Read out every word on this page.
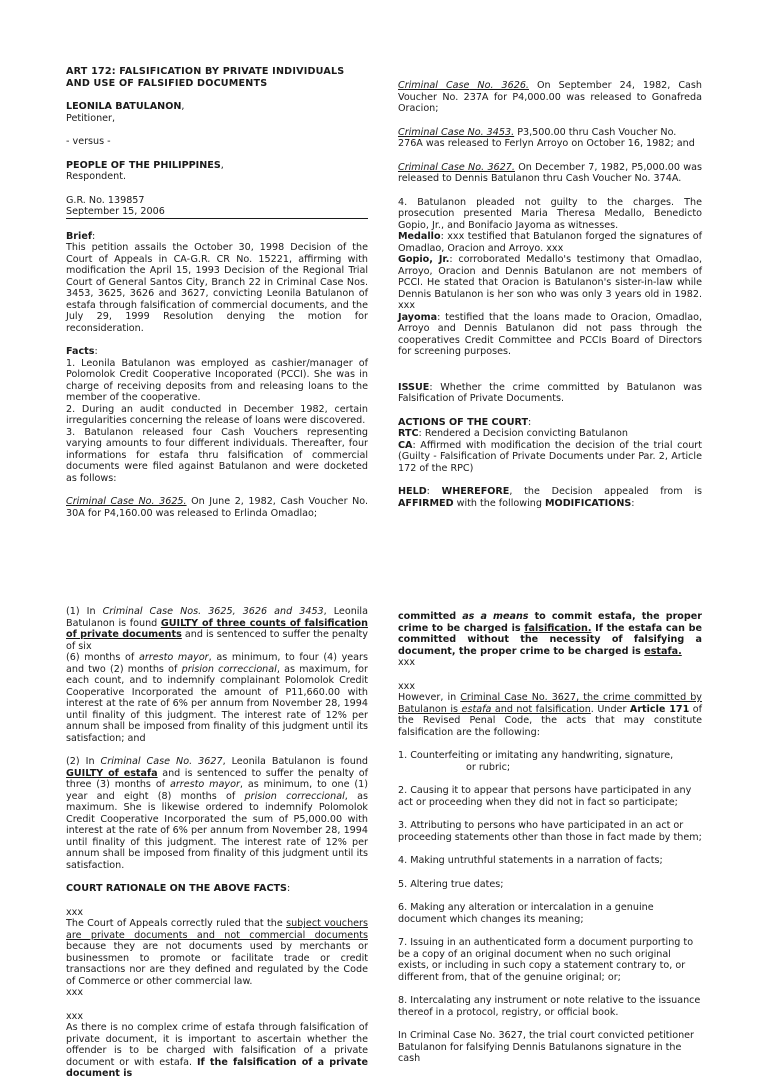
ART 172: FALSIFICATION BY PRIVATE INDIVIDUALS AND USE OF FALSIFIED DOCUMENTS

LEONILA BATULANON,

Petitioner,

- versus -

PEOPLE OF THE PHILIPPINES,

Respondent.

G.R. No. 139857

September 15, 2006

Brief:

This petition assails the October 30, 1998 Decision of the Court of Appeals in CA-G.R. CR No. 15221, affirming with modification the April 15, 1993 Decision of the Regional Trial Court of General Santos City, Branch 22 in Criminal Case Nos. 3453, 3625, 3626 and 3627, convicting Leonila Batulanon of estafa through falsification of commercial documents, and the July 29, 1999 Resolution denying the motion for reconsideration.

Facts:

1. Leonila Batulanon was employed as cashier/manager of Polomolok Credit Cooperative Incoporated (PCCI). She was in charge of receiving deposits from and releasing loans to the member of the cooperative.

2. During an audit conducted in December 1982, certain irregularities concerning the release of loans were discovered.

3. Batulanon released four Cash Vouchers representing varying amounts to four different individuals. Thereafter, four informations for estafa thru falsification of commercial documents were filed against Batulanon and were docketed as follows:

Criminal Case No. 3625. On June 2, 1982, Cash Voucher No. 30A for P4,160.00 was released to Erlinda Omadlao;

Criminal Case No. 3626. On September 24, 1982, Cash Voucher No. 237A for P4,000.00 was released to Gonafreda Oracion;

Criminal Case No. 3453. P3,500.00 thru Cash Voucher No.

276A was released to Ferlyn Arroyo on October 16, 1982; and

Criminal Case No. 3627. On December 7, 1982, P5,000.00 was released to Dennis Batulanon thru Cash Voucher No. 374A.

4. Batulanon pleaded not guilty to the charges. The prosecution presented Maria Theresa Medallo, Benedicto Gopio, Jr., and Bonifacio Jayoma as witnesses.

Medallo: xxx testified that Batulanon forged the signatures of Omadlao, Oracion and Arroyo. xxx

Gopio, Jr.: corroborated Medallo's testimony that Omadlao, Arroyo, Oracion and Dennis Batulanon are not members of PCCI. He stated that Oracion is Batulanon's sister-in-law while Dennis Batulanon is her son who was only 3 years old in 1982. xxx

Jayoma: testified that the loans made to Oracion, Omadlao, Arroyo and Dennis Batulanon did not pass through the cooperatives Credit Committee and PCCIs Board of Directors for screening purposes.

ISSUE: Whether the crime committed by Batulanon was Falsification of Private Documents.

ACTIONS OF THE COURT:

RTC: Rendered a Decision convicting Batulanon

CA: Affirmed with modification the decision of the trial court (Guilty - Falsification of Private Documents under Par. 2, Article 172 of the RPC)

HELD: WHEREFORE, the Decision appealed from is AFFIRMED with the following MODIFICATIONS:

(1) In Criminal Case Nos. 3625, 3626 and 3453, Leonila Batulanon is found GUILTY of three counts of falsification of private documents and is sentenced to suffer the penalty of six

(6) months of arresto mayor, as minimum, to four (4) years and two (2) months of prision correccional, as maximum, for each count, and to indemnify complainant Polomolok Credit Cooperative Incorporated the amount of P11,660.00 with interest at the rate of 6% per annum from November 28, 1994 until finality of this judgment. The interest rate of 12% per annum shall be imposed from finality of this judgment until its satisfaction; and

(2) In Criminal Case No. 3627, Leonila Batulanon is found GUILTY of estafa and is sentenced to suffer the penalty of three (3) months of arresto mayor, as minimum, to one (1) year and eight (8) months of prision correccional, as maximum. She is likewise ordered to indemnify Polomolok Credit Cooperative Incorporated the sum of P5,000.00 with interest at the rate of 6% per annum from November 28, 1994 until finality of this judgment. The interest rate of 12% per annum shall be imposed from finality of this judgment until its satisfaction.

COURT RATIONALE ON THE ABOVE FACTS:

xxx

The Court of Appeals correctly ruled that the subject vouchers are private documents and not commercial documents because they are not documents used by merchants or businessmen to promote or facilitate trade or credit transactions nor are they defined and regulated by the Code of Commerce or other commercial law.

xxx

xxx

As there is no complex crime of estafa through falsification of private document, it is important to ascertain whether the offender is to be charged with falsification of a private document or with estafa. If the falsification of a private document is

committed as a means to commit estafa, the proper crime to be charged is falsification. If the estafa can be committed without the necessity of falsifying a document, the proper crime to be charged is estafa.

xxx

xxx

However, in Criminal Case No. 3627, the crime committed by Batulanon is estafa and not falsification. Under Article 171 of the Revised Penal Code, the acts that may constitute falsification are the following:

1. Counterfeiting or imitating any handwriting, signature,

or rubric;

2. Causing it to appear that persons have participated in any act or proceeding when they did not in fact so participate;

3. Attributing to persons who have participated in an act or proceeding statements other than those in fact made by them;

4. Making untruthful statements in a narration of facts;

5. Altering true dates;

6. Making any alteration or intercalation in a genuine document which changes its meaning;

7. Issuing in an authenticated form a document purporting to be a copy of an original document when no such original exists, or including in such copy a statement contrary to, or different from, that of the genuine original; or;

8. Intercalating any instrument or note relative to the issuance thereof in a protocol, registry, or official book.

In Criminal Case No. 3627, the trial court convicted petitioner Batulanon for falsifying Dennis Batulanons signature in the cash
